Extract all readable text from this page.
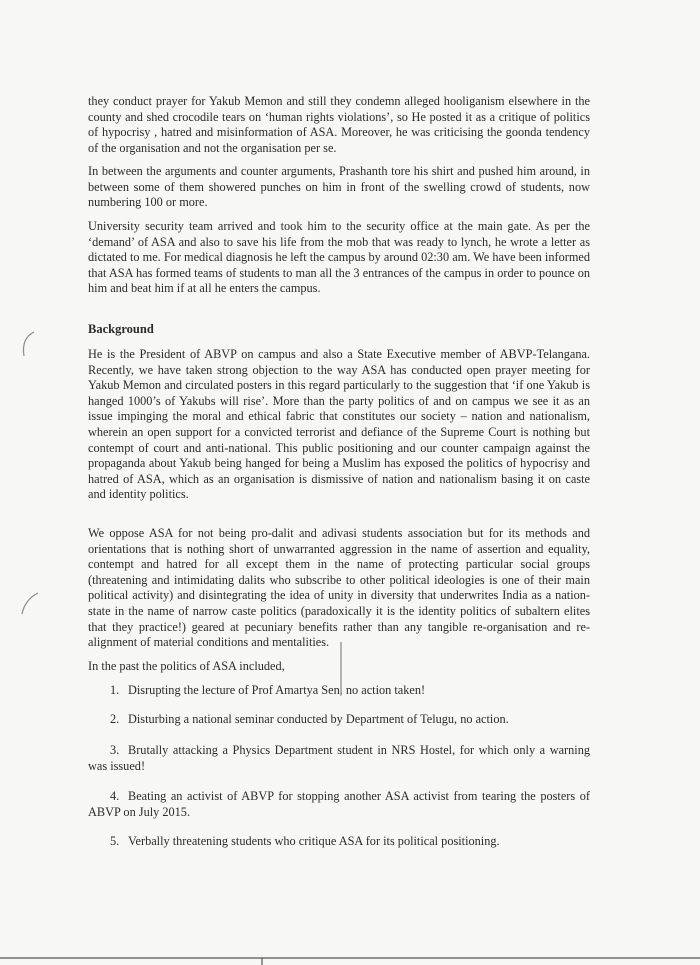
they conduct prayer for Yakub Memon and still they condemn alleged hooliganism elsewhere in the county and shed crocodile tears on ‘human rights violations’, so He posted it as a critique of politics of hypocrisy , hatred and misinformation of ASA. Moreover, he was criticising the goonda tendency of the organisation and not the organisation per se.

In between the arguments and counter arguments, Prashanth tore his shirt and pushed him around, in between some of them showered punches on him in front of the swelling crowd of students, now numbering 100 or more.

University security team arrived and took him to the security office at the main gate. As per the ‘demand’ of ASA and also to save his life from the mob that was ready to lynch, he wrote a letter as dictated to me. For medical diagnosis he left the campus by around 02:30 am. We have been informed that ASA has formed teams of students to man all the 3 entrances of the campus in order to pounce on him and beat him if at all he enters the campus.

Background

He is the President of ABVP on campus and also a State Executive member of ABVP-Telangana. Recently, we have taken strong objection to the way ASA has conducted open prayer meeting for Yakub Memon and circulated posters in this regard particularly to the suggestion that ‘if one Yakub is hanged 1000’s of Yakubs will rise’. More than the party politics of and on campus we see it as an issue impinging the moral and ethical fabric that constitutes our society – nation and nationalism, wherein an open support for a convicted terrorist and defiance of the Supreme Court is nothing but contempt of court and anti-national. This public positioning and our counter campaign against the propaganda about Yakub being hanged for being a Muslim has exposed the politics of hypocrisy and hatred of ASA, which as an organisation is dismissive of nation and nationalism basing it on caste and identity politics.

We oppose ASA for not being pro-dalit and adivasi students association but for its methods and orientations that is nothing short of unwarranted aggression in the name of assertion and equality, contempt and hatred for all except them in the name of protecting particular social groups (threatening and intimidating dalits who subscribe to other political ideologies is one of their main political activity) and disintegrating the idea of unity in diversity that underwrites India as a nation-state in the name of narrow caste politics (paradoxically it is the identity politics of subaltern elites that they practice!) geared at pecuniary benefits rather than any tangible re-organisation and re-alignment of material conditions and mentalities.

In the past the politics of ASA included,

1. Disrupting the lecture of Prof Amartya Sen, no action taken!

2. Disturbing a national seminar conducted by Department of Telugu, no action.

3. Brutally attacking a Physics Department student in NRS Hostel, for which only a warning was issued!

4. Beating an activist of ABVP for stopping another ASA activist from tearing the posters of ABVP on July 2015.

5. Verbally threatening students who critique ASA for its political positioning.
